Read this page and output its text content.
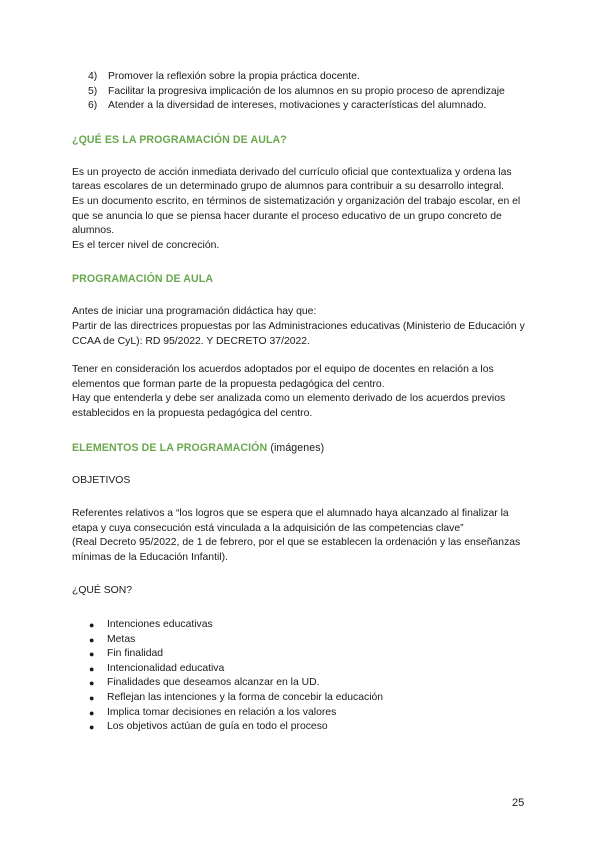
4) Promover la reflexión sobre la propia práctica docente.
5) Facilitar la progresiva implicación de los alumnos en su propio proceso de aprendizaje
6) Atender a la diversidad de intereses, motivaciones y características del alumnado.
¿QUÉ ES LA PROGRAMACIÓN DE AULA?

Es un proyecto de acción inmediata derivado del currículo oficial que contextualiza y ordena las tareas escolares de un determinado grupo de alumnos para contribuir a su desarrollo integral.

Es un documento escrito, en términos de sistematización y organización del trabajo escolar, en el que se anuncia lo que se piensa hacer durante el proceso educativo de un grupo concreto de alumnos.

Es el tercer nivel de concreción.

PROGRAMACIÓN DE AULA

Antes de iniciar una programación didáctica hay que:

Partir de las directrices propuestas por las Administraciones educativas (Ministerio de Educación y CCAA de CyL): RD 95/2022. Y DECRETO 37/2022.

Tener en consideración los acuerdos adoptados por el equipo de docentes en relación a los elementos que forman parte de la propuesta pedagógica del centro.

Hay que entenderla y debe ser analizada como un elemento derivado de los acuerdos previos establecidos en la propuesta pedagógica del centro.

ELEMENTOS DE LA PROGRAMACIÓN (imágenes)

OBJETIVOS

Referentes relativos a “los logros que se espera que el alumnado haya alcanzado al finalizar la etapa y cuya consecución está vinculada a la adquisición de las competencias clave”

(Real Decreto 95/2022, de 1 de febrero, por el que se establecen la ordenación y las enseñanzas mínimas de la Educación Infantil).

¿QUÉ SON?

● Intenciones educativas
● Metas
● Fin finalidad
● Intencionalidad educativa
● Finalidades que deseamos alcanzar en la UD.
● Reflejan las intenciones y la forma de concebir la educación
● Implica tomar decisiones en relación a los valores
● Los objetivos actúan de guía en todo el proceso
25
